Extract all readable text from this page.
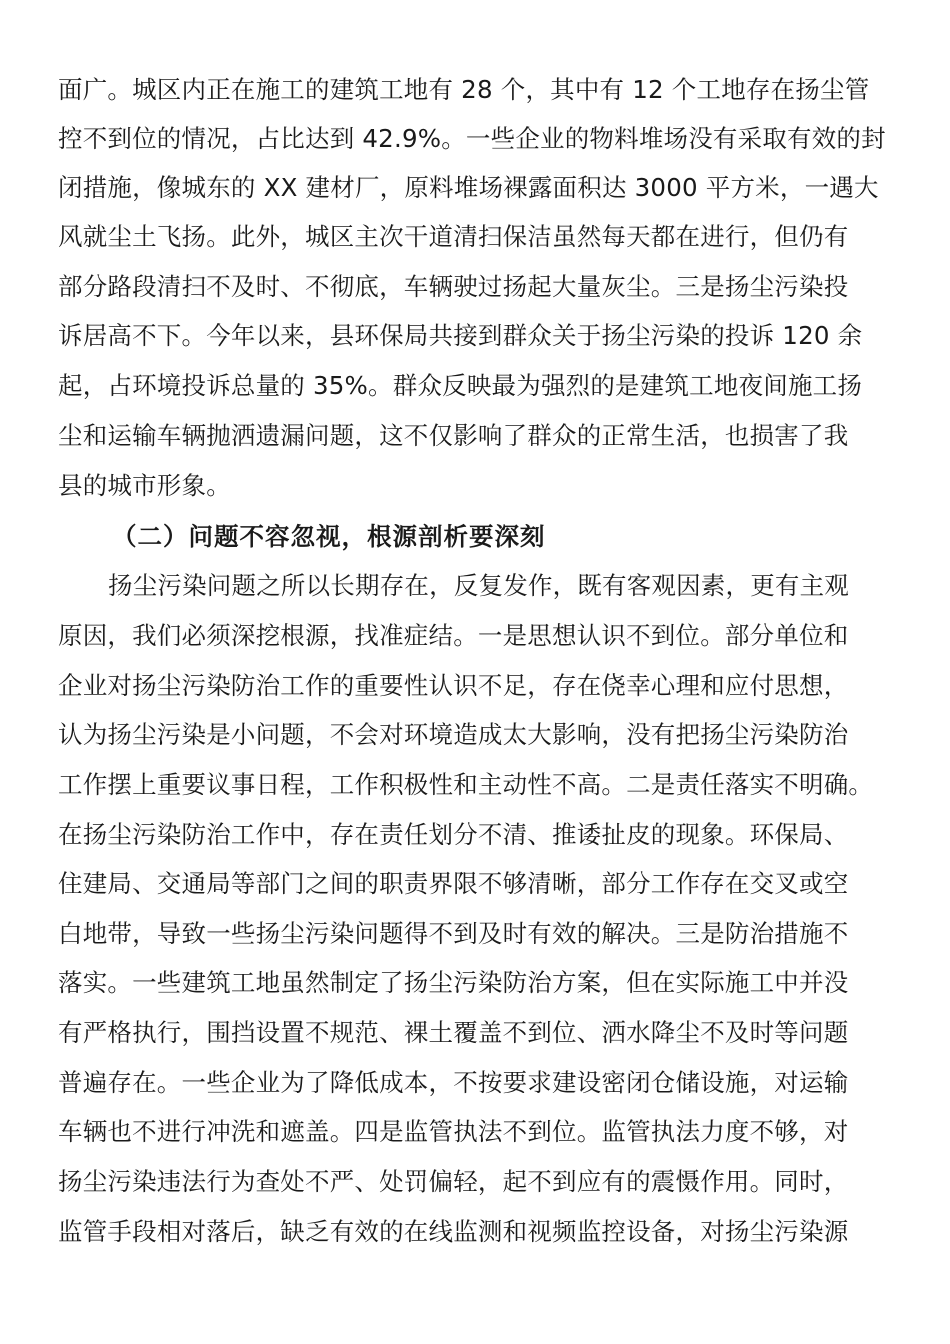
面广。城区内正在施工的建筑工地有 28 个，其中有 12 个工地存在扬尘管
控不到位的情况，占比达到 42.9%。一些企业的物料堆场没有采取有效的封
闭措施，像城东的 XX 建材厂，原料堆场裸露面积达 3000 平方米，一遇大
风就尘土飞扬。此外，城区主次干道清扫保洁虽然每天都在进行，但仍有
部分路段清扫不及时、不彻底，车辆驶过扬起大量灰尘。三是扬尘污染投
诉居高不下。今年以来，县环保局共接到群众关于扬尘污染的投诉 120 余
起，占环境投诉总量的 35%。群众反映最为强烈的是建筑工地夜间施工扬
尘和运输车辆抛洒遗漏问题，这不仅影响了群众的正常生活，也损害了我
县的城市形象。
（二）问题不容忽视，根源剖析要深刻
扬尘污染问题之所以长期存在，反复发作，既有客观因素，更有主观
原因，我们必须深挖根源，找准症结。一是思想认识不到位。部分单位和
企业对扬尘污染防治工作的重要性认识不足，存在侥幸心理和应付思想，
认为扬尘污染是小问题，不会对环境造成太大影响，没有把扬尘污染防治
工作摆上重要议事日程，工作积极性和主动性不高。二是责任落实不明确。
在扬尘污染防治工作中，存在责任划分不清、推诿扯皮的现象。环保局、
住建局、交通局等部门之间的职责界限不够清晰，部分工作存在交叉或空
白地带，导致一些扬尘污染问题得不到及时有效的解决。三是防治措施不
落实。一些建筑工地虽然制定了扬尘污染防治方案，但在实际施工中并没
有严格执行，围挡设置不规范、裸土覆盖不到位、洒水降尘不及时等问题
普遍存在。一些企业为了降低成本，不按要求建设密闭仓储设施，对运输
车辆也不进行冲洗和遮盖。四是监管执法不到位。监管执法力度不够，对
扬尘污染违法行为查处不严、处罚偏轻，起不到应有的震慑作用。同时，
监管手段相对落后，缺乏有效的在线监测和视频监控设备，对扬尘污染源
